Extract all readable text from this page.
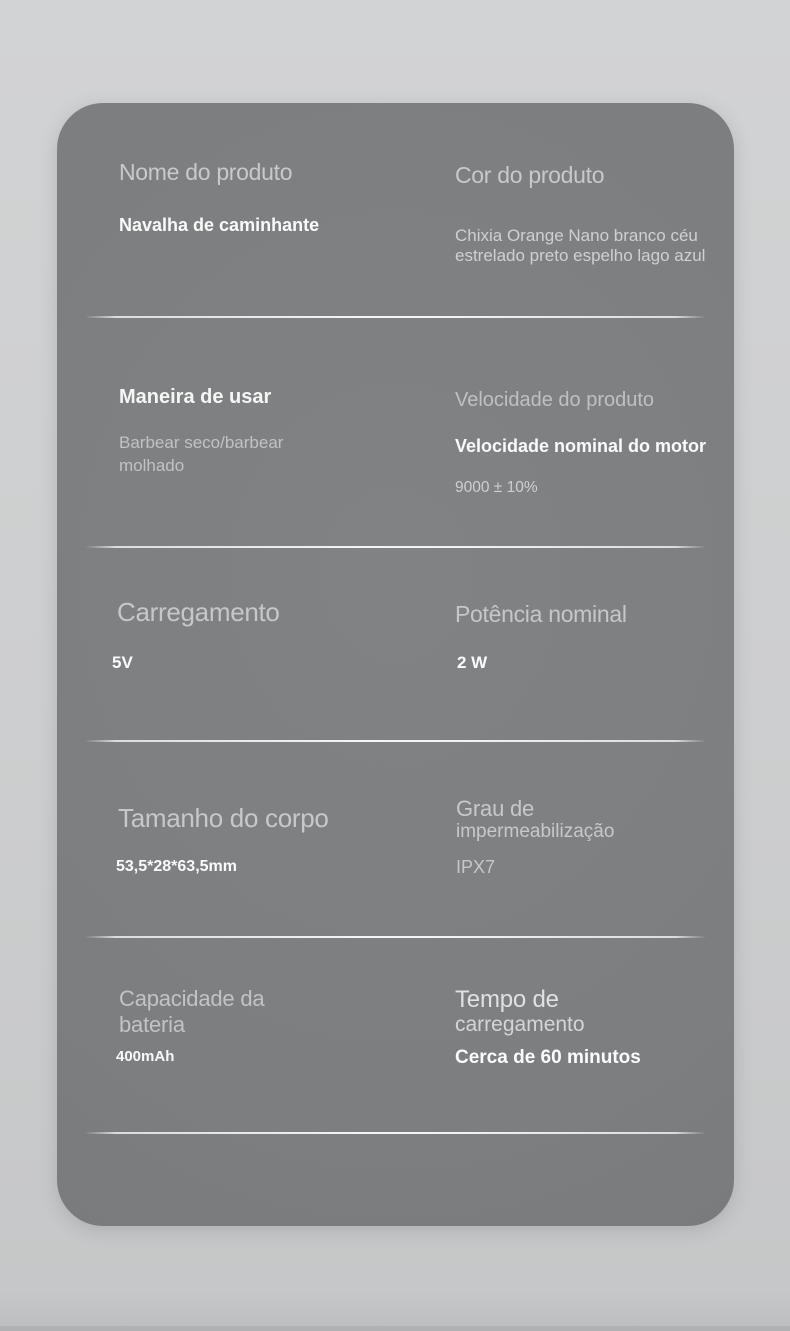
Nome do produto
Navalha de caminhante
Cor do produto
Chixia Orange Nano branco céu
estrelado preto espelho lago azul
Maneira de usar
Barbear seco/barbear
molhado
Velocidade do produto
Velocidade nominal do motor
9000 ± 10%
Carregamento
5V
Potência nominal
2 W
Tamanho do corpo
53,5*28*63,5mm
Grau de
impermeabilização
IPX7
Capacidade da
bateria
400mAh
Tempo de
carregamento
Cerca de 60 minutos
